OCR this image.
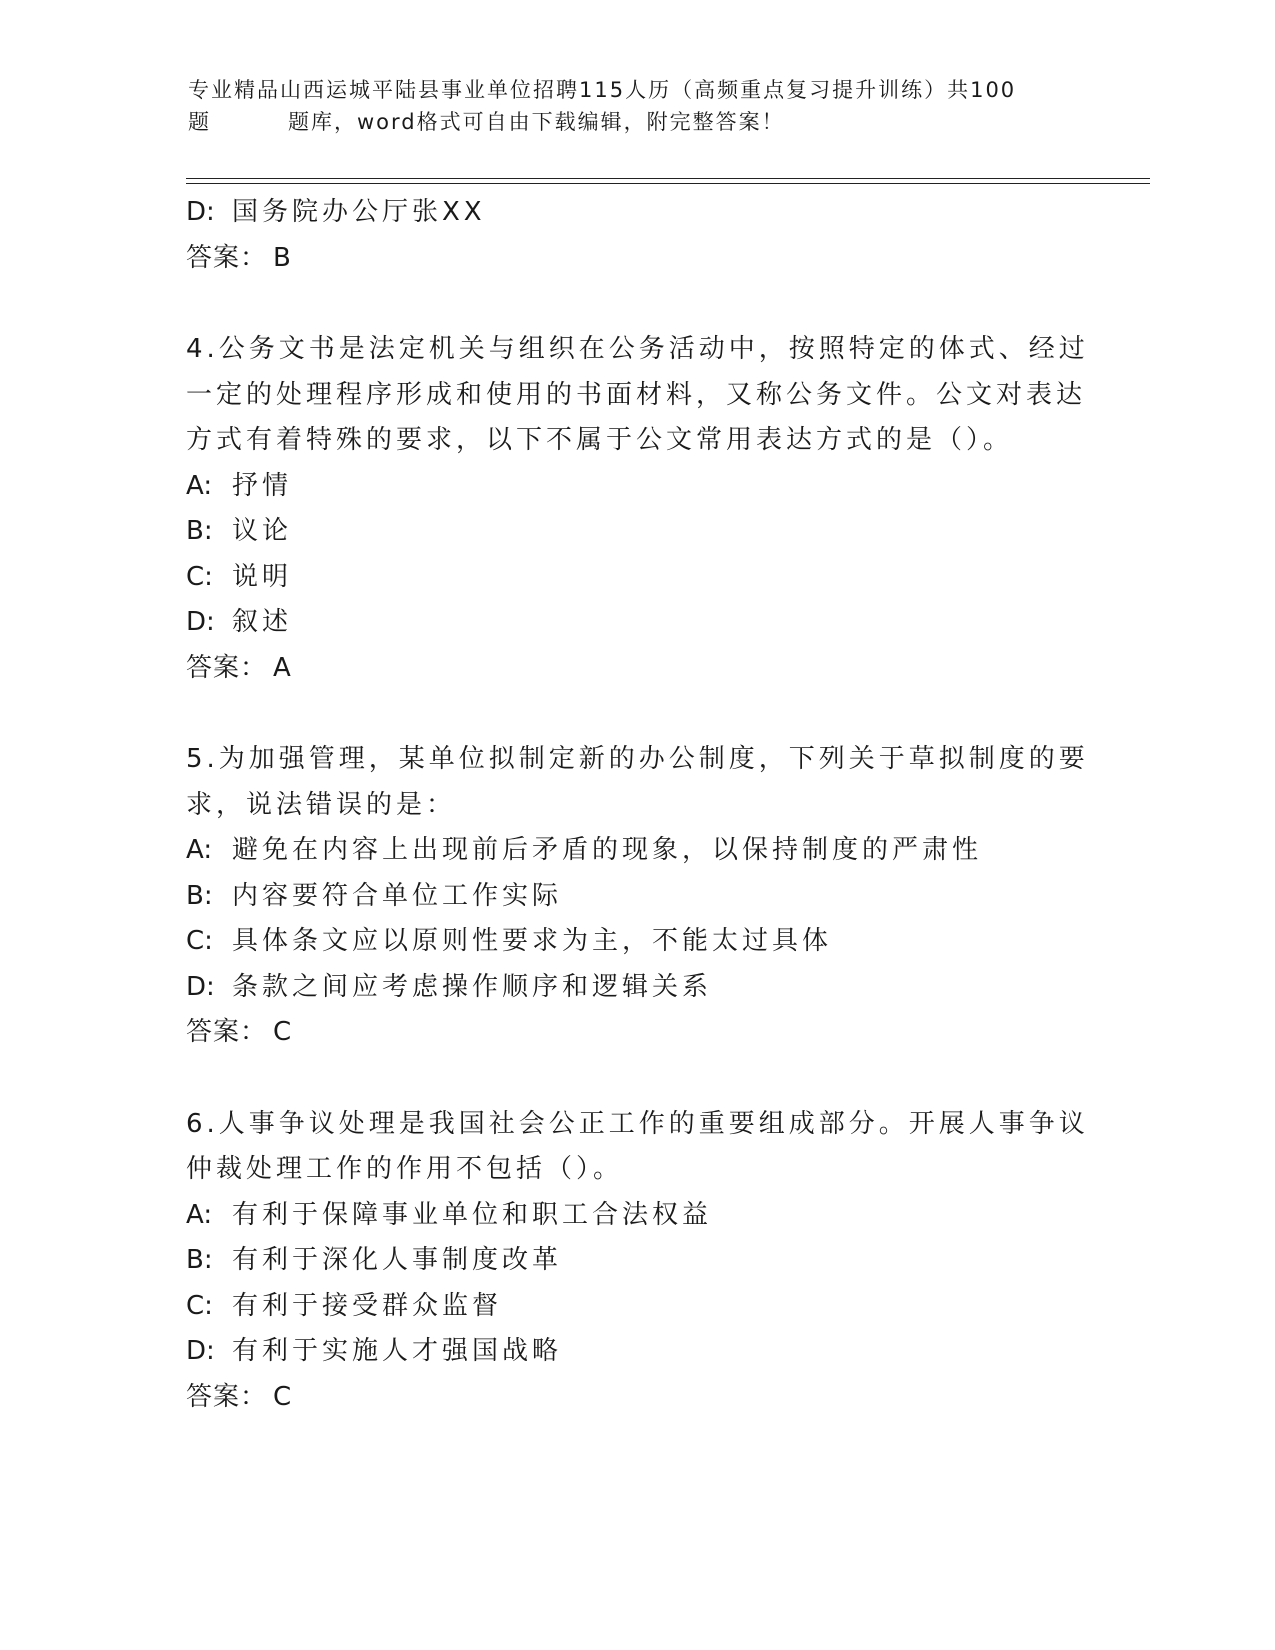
专业精品山西运城平陆县事业单位招聘115人历（高频重点复习提升训练）共100
题	题库，word格式可自由下载编辑，附完整答案！
D: 国务院办公厅张XX
答案： B
4.公务文书是法定机关与组织在公务活动中，按照特定的体式、经过
一定的处理程序形成和使用的书面材料，又称公务文件。公文对表达
方式有着特殊的要求，以下不属于公文常用表达方式的是（）。
A: 抒情
B: 议论
C: 说明
D: 叙述
答案： A
5.为加强管理，某单位拟制定新的办公制度，下列关于草拟制度的要
求，说法错误的是：
A: 避免在内容上出现前后矛盾的现象，以保持制度的严肃性
B: 内容要符合单位工作实际
C: 具体条文应以原则性要求为主，不能太过具体
D: 条款之间应考虑操作顺序和逻辑关系
答案： C
6.人事争议处理是我国社会公正工作的重要组成部分。开展人事争议
仲裁处理工作的作用不包括（）。
A: 有利于保障事业单位和职工合法权益
B: 有利于深化人事制度改革
C: 有利于接受群众监督
D: 有利于实施人才强国战略
答案： C
